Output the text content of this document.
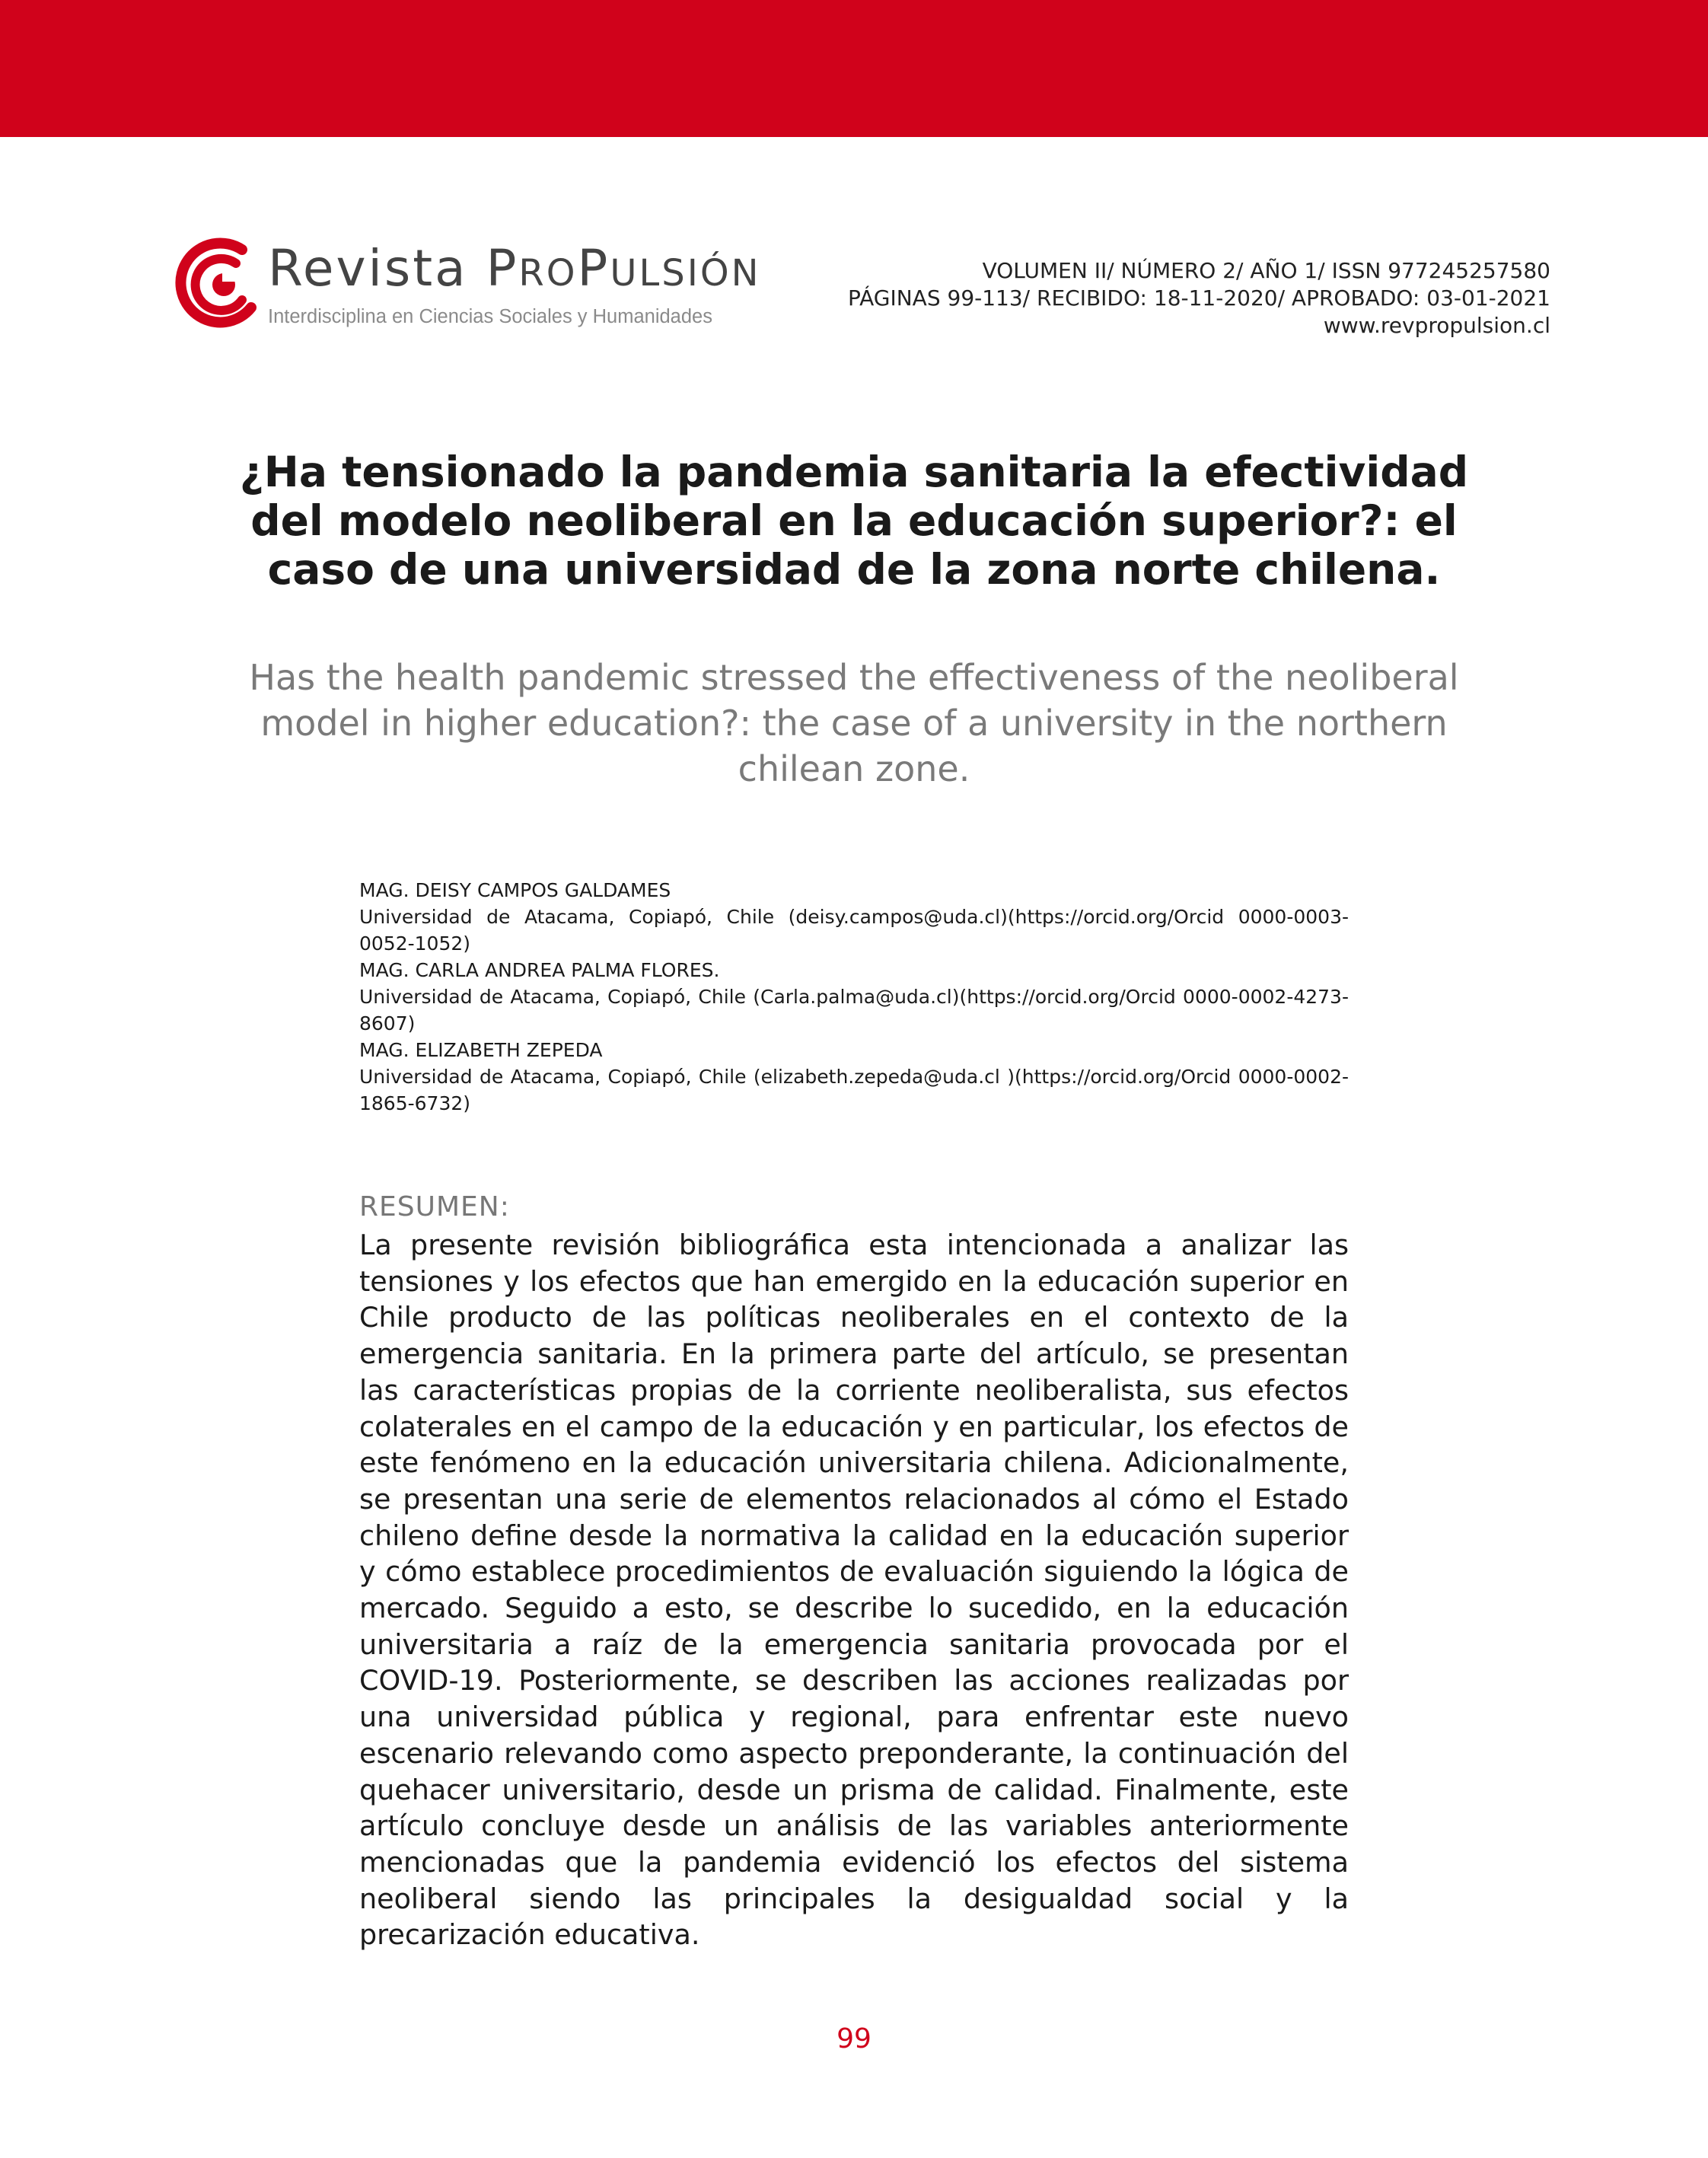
Revista PROPULSIÓN
Interdisciplina en Ciencias Sociales y Humanidades
VOLUMEN II/ NÚMERO 2/ AÑO 1/ ISSN 977245257580
PÁGINAS 99-113/ RECIBIDO: 18-11-2020/ APROBADO: 03-01-2021
www.revpropulsion.cl
¿Ha tensionado la pandemia sanitaria la efectividad del modelo neoliberal en la educación superior?: el caso de una universidad de la zona norte chilena.
Has the health pandemic stressed the effectiveness of the neoliberal model in higher education?: the case of a university in the northern chilean zone.
MAG. DEISY CAMPOS GALDAMES
Universidad de Atacama, Copiapó, Chile (deisy.campos@uda.cl)(https://orcid.org/Orcid 0000-0003-0052-1052)
MAG. CARLA ANDREA PALMA FLORES.
Universidad de Atacama, Copiapó, Chile (Carla.palma@uda.cl)(https://orcid.org/Orcid 0000-0002-4273-8607)
MAG. ELIZABETH ZEPEDA
Universidad de Atacama, Copiapó, Chile (elizabeth.zepeda@uda.cl )(https://orcid.org/Orcid 0000-0002-1865-6732)
RESUMEN:
La presente revisión bibliográfica esta intencionada a analizar las tensiones y los efectos que han emergido en la educación superior en Chile producto de las políticas neoliberales en el contexto de la emergencia sanitaria. En la primera parte del artículo, se presentan las características propias de la corriente neoliberalista, sus efectos colaterales en el campo de la educación y en particular, los efectos de este fenómeno en la educación universitaria chilena. Adicionalmente, se presentan una serie de elementos relacionados al cómo el Estado chileno define desde la normativa la calidad en la educación superior y cómo establece procedimientos de evaluación siguiendo la lógica de mercado. Seguido a esto, se describe lo sucedido, en la educación universitaria a raíz de la emergencia sanitaria provocada por el COVID-19. Posteriormente, se describen las acciones realizadas por una universidad pública y regional, para enfrentar este nuevo escenario relevando como aspecto preponderante, la continuación del quehacer universitario, desde un prisma de calidad. Finalmente, este artículo concluye desde un análisis de las variables anteriormente mencionadas que la pandemia evidenció los efectos del sistema neoliberal siendo las principales la desigualdad social y la precarización educativa.
99
